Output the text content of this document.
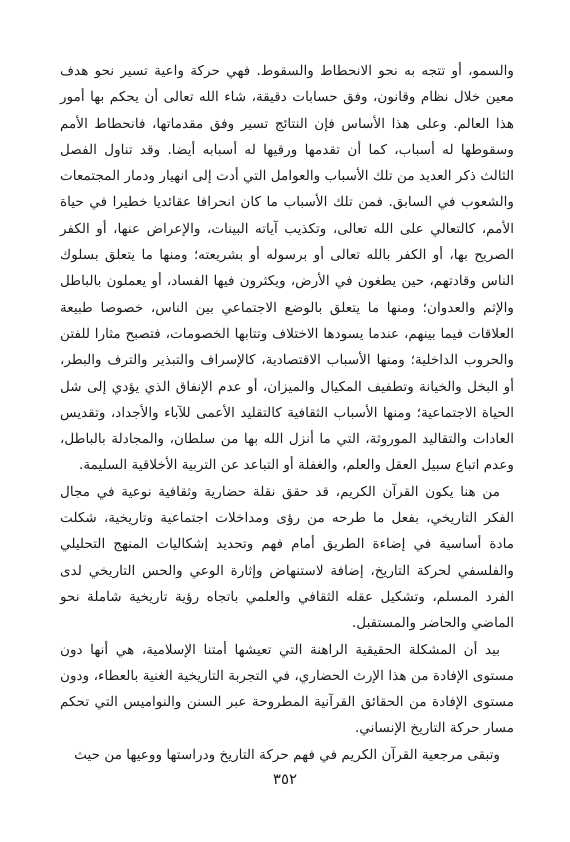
والسمو، أو تتجه به نحو الانحطاط والسقوط. فهي حركة واعية تسير نحو هدف معين خلال نظام وقانون، وفق حسابات دقيقة، شاء الله تعالى أن يحكم بها أمور هذا العالم. وعلى هذا الأساس فإن النتائج تسير وفق مقدماتها، فانحطاط الأمم وسقوطها له أسباب، كما أن تقدمها ورقيها له أسبابه أيضا. وقد تناول الفصل الثالث ذكر العديد من تلك الأسباب والعوامل التي أدت إلى انهيار ودمار المجتمعات والشعوب في السابق. فمن تلك الأسباب ما كان انحرافا عقائديا خطيرا في حياة الأمم، كالتعالي على الله تعالى، وتكذيب آياته البينات، والإعراض عنها، أو الكفر الصريح بها، أو الكفر بالله تعالى أو برسوله أو بشريعته؛ ومنها ما يتعلق بسلوك الناس وقادتهم، حين يطغون في الأرض، ويكثرون فيها الفساد، أو يعملون بالباطل والإثم والعدوان؛ ومنها ما يتعلق بالوضع الاجتماعي بين الناس، خصوصا طبيعة العلاقات فيما بينهم، عندما يسودها الاختلاف وتتابها الخصومات، فتصبح مثارا للفتن والحروب الداخلية؛ ومنها الأسباب الاقتصادية، كالإسراف والتبذير والترف والبطر، أو البخل والخيانة وتطفيف المكيال والميزان، أو عدم الإنفاق الذي يؤدي إلى شل الحياة الاجتماعية؛ ومنها الأسباب الثقافية كالتقليد الأعمى للآباء والأجداد، وتقديس العادات والتقاليد الموروثة، التي ما أنزل الله بها من سلطان، والمجادلة بالباطل، وعدم اتباع سبيل العقل والعلم، والغفلة أو التباعد عن التربية الأخلاقية السليمة.

من هنا يكون القرآن الكريم، قد حقق نقلة حضارية وثقافية نوعية في مجال الفكر التاريخي، بفعل ما طرحه من رؤى ومداخلات اجتماعية وتاريخية، شكلت مادة أساسية في إضاءة الطريق أمام فهم وتحديد إشكاليات المنهج التحليلي والفلسفي لحركة التاريخ، إضافة لاستنهاض وإثارة الوعي والحس التاريخي لدى الفرد المسلم، وتشكيل عقله الثقافي والعلمي باتجاه رؤية تاريخية شاملة نحو الماضي والحاضر والمستقبل.

بيد أن المشكلة الحقيقية الراهنة التي تعيشها أمتنا الإسلامية، هي أنها دون مستوى الإفادة من هذا الإرث الحضاري، في التجربة التاريخية الغنية بالعطاء، ودون مستوى الإفادة من الحقائق القرآنية المطروحة عبر السنن والنواميس التي تحكم مسار حركة التاريخ الإنساني.

وتبقى مرجعية القرآن الكريم في فهم حركة التاريخ ودراستها ووعيها من حيث

٣٥٢
